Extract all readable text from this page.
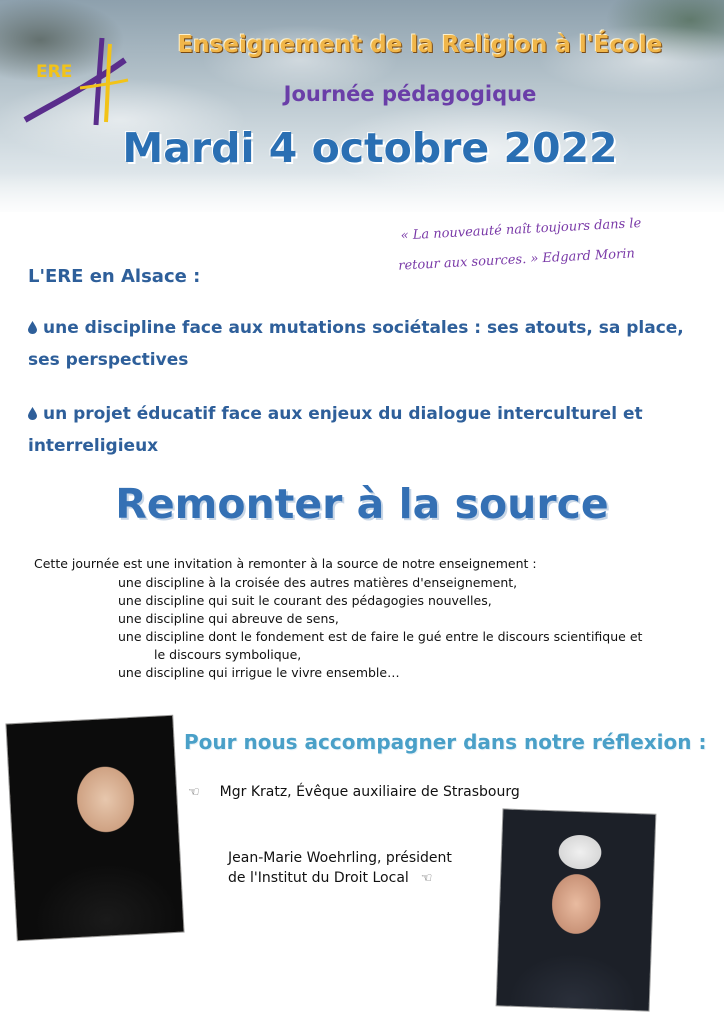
ERE
Enseignement de la Religion à l'École
Journée pédagogique
Mardi 4 octobre 2022
« La nouveauté naît toujours dans le
retour aux sources. » Edgard Morin
L'ERE en Alsace :
une discipline face aux mutations sociétales : ses atouts, sa place, ses perspectives
un projet éducatif face aux enjeux du dialogue interculturel et interreligieux
Remonter à la source
Cette journée est une invitation à remonter à la source de notre enseignement :
une discipline à la croisée des autres matières d'enseignement,
une discipline qui suit le courant des pédagogies nouvelles,
une discipline qui abreuve de sens,
une discipline dont le fondement est de faire le gué entre le discours scientifique et
le discours symbolique,
une discipline qui irrigue le vivre ensemble…
Pour nous accompagner dans notre réflexion :
☜ Mgr Kratz, Évêque auxiliaire de Strasbourg
Jean-Marie Woehrling, président
de l'Institut du Droit Local ☜
